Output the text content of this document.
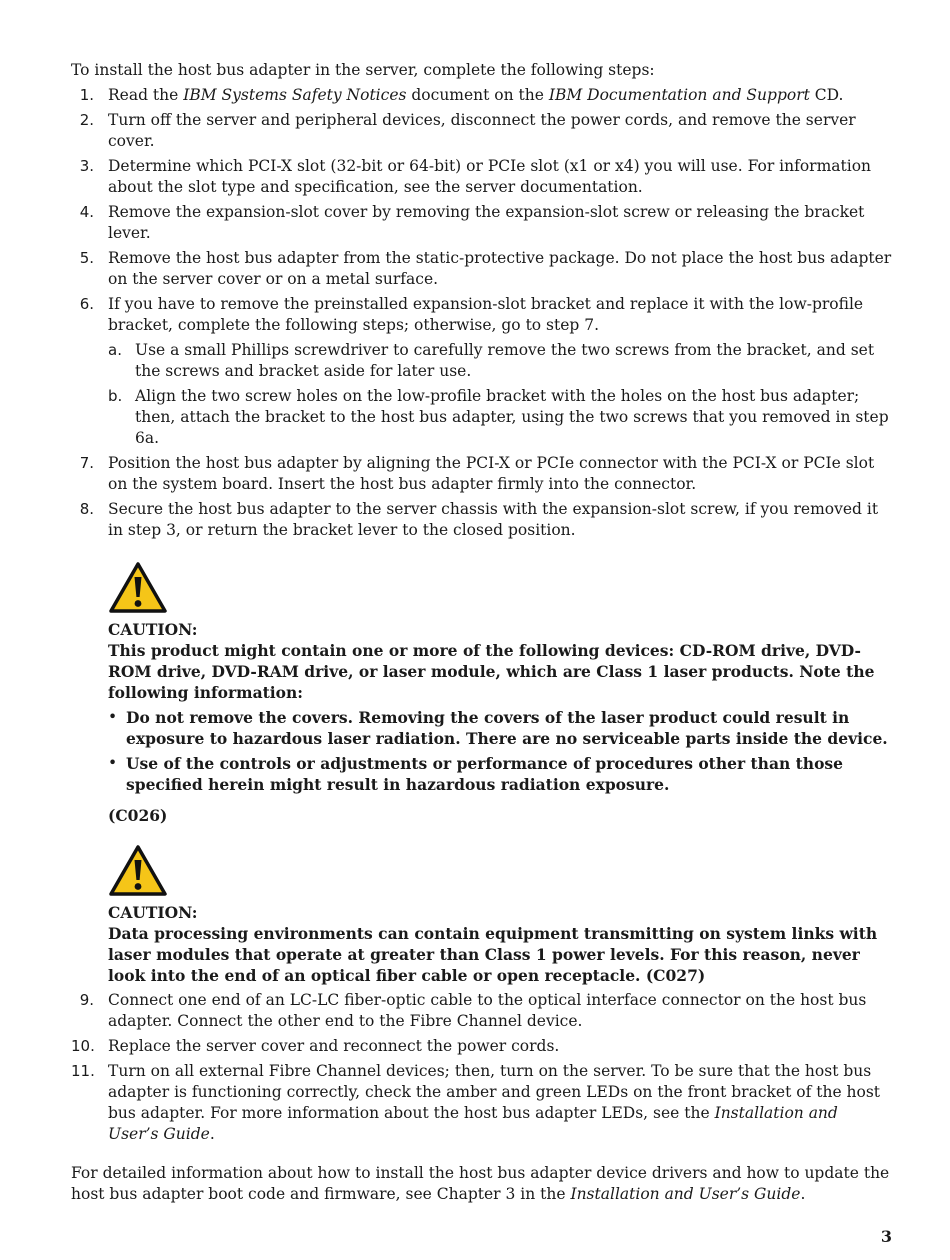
To install the host bus adapter in the server, complete the following steps:

1. Read the IBM Systems Safety Notices document on the IBM Documentation and Support CD.
2. Turn off the server and peripheral devices, disconnect the power cords, and remove the server cover.
3. Determine which PCI-X slot (32-bit or 64-bit) or PCIe slot (x1 or x4) you will use. For information about the slot type and specification, see the server documentation.
4. Remove the expansion-slot cover by removing the expansion-slot screw or releasing the bracket lever.
5. Remove the host bus adapter from the static-protective package. Do not place the host bus adapter on the server cover or on a metal surface.
6. If you have to remove the preinstalled expansion-slot bracket and replace it with the low-profile bracket, complete the following steps; otherwise, go to step 7.
a. Use a small Phillips screwdriver to carefully remove the two screws from the bracket, and set the screws and bracket aside for later use.
b. Align the two screw holes on the low-profile bracket with the holes on the host bus adapter; then, attach the bracket to the host bus adapter, using the two screws that you removed in step 6a.
7. Position the host bus adapter by aligning the PCI-X or PCIe connector with the PCI-X or PCIe slot on the system board. Insert the host bus adapter firmly into the connector.
8. Secure the host bus adapter to the server chassis with the expansion-slot screw, if you removed it in step 3, or return the bracket lever to the closed position.

CAUTION:

This product might contain one or more of the following devices: CD-ROM drive, DVD-ROM drive, DVD-RAM drive, or laser module, which are Class 1 laser products. Note the following information:

• Do not remove the covers. Removing the covers of the laser product could result in exposure to hazardous laser radiation. There are no serviceable parts inside the device.
• Use of the controls or adjustments or performance of procedures other than those specified herein might result in hazardous radiation exposure.

(C026)

CAUTION:

Data processing environments can contain equipment transmitting on system links with laser modules that operate at greater than Class 1 power levels. For this reason, never look into the end of an optical fiber cable or open receptacle. (C027)

9. Connect one end of an LC-LC fiber-optic cable to the optical interface connector on the host bus adapter. Connect the other end to the Fibre Channel device.
10. Replace the server cover and reconnect the power cords.
11. Turn on all external Fibre Channel devices; then, turn on the server. To be sure that the host bus adapter is functioning correctly, check the amber and green LEDs on the front bracket of the host bus adapter. For more information about the host bus adapter LEDs, see the Installation and User’s Guide.

For detailed information about how to install the host bus adapter device drivers and how to update the host bus adapter boot code and firmware, see Chapter 3 in the Installation and User’s Guide.

3
